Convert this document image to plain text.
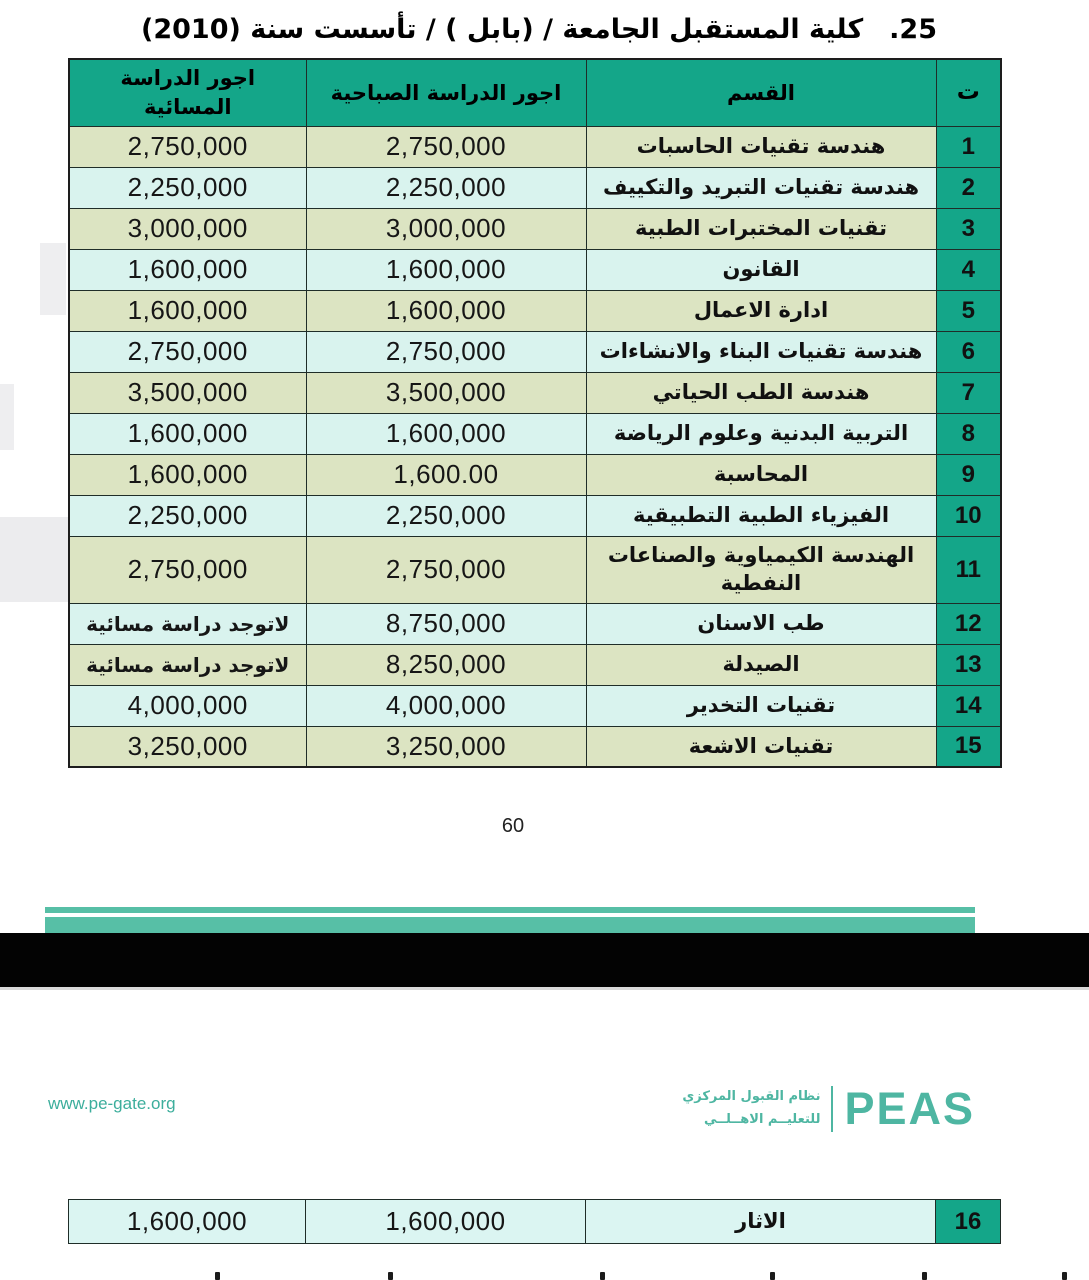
25.كلية المستقبل الجامعة / (بابل ) / تأسست سنة (2010)
ت	القسم	اجور الدراسة الصباحية	اجور الدراسة المسائية
1	هندسة تقنيات الحاسبات	2,750,000	2,750,000
2	هندسة تقنيات التبريد والتكييف	2,250,000	2,250,000
3	تقنيات المختبرات الطبية	3,000,000	3,000,000
4	القانون	1,600,000	1,600,000
5	ادارة الاعمال	1,600,000	1,600,000
6	هندسة تقنيات البناء والانشاءات	2,750,000	2,750,000
7	هندسة الطب الحياتي	3,500,000	3,500,000
8	التربية البدنية وعلوم الرياضة	1,600,000	1,600,000
9	المحاسبة	1,600.00	1,600,000
10	الفيزياء الطبية التطبيقية	2,250,000	2,250,000
11	الهندسة الكيمياوية والصناعات النفطية	2,750,000	2,750,000
12	طب الاسنان	8,750,000	لاتوجد دراسة مسائية
13	الصيدلة	8,250,000	لاتوجد دراسة مسائية
14	تقنيات التخدير	4,000,000	4,000,000
15	تقنيات الاشعة	3,250,000	3,250,000
60
www.pe-gate.org	نظام القبول المركزي
للتعليــم الاهــلــي PEAS
16	الاثار	1,600,000	1,600,000
